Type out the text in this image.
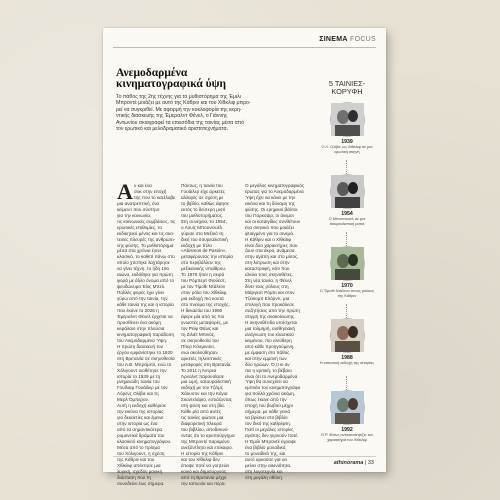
ΣΙΝΕΜΑ FOCUS
Ανεμοδαρμένα
κινηματογραφικά ύψη
Το πάθος της 2ης τέχνης για το μυθιστόρημα της Έμιλι
Μπροντέ μοιάζει με αυτό της Κάθριν και του Χίθκλιφ μπρο-
ρεί να συγκριθεί. Με αφορμή την κυκλοφορία της εκρη-
ντικής διασκευής της Έμεραλντ Φένελ, ο Γιάννης
Αντωνίου σκιαγραφεί τα επεισόδια της ταινίας μέσα από
τον ερωτικό και μελοδραματικό αριστοτεχνήματα.
Α ν και ένα
σοκ στην εποχή
της που το κατέλαβε
μια ανατρεπτική, ένα
κείμενο που σύστηνε
για την κοινωνία,
τις κοινωνικές συμβάσεις, τις
ερωτικές επιθυμίες, το
εκδικητικό μένος και τις σκο-
τεινές πλευρές της ανθρώπι-
νης φύσης. Το μυθιστόρημα
μέσα στα χρόνια έγινε
κλασικό, το καθετί πάνω στο
οποίο χτίστηκε λαχτάρησε
να γίνει τέχνη, το ήδη 19ο
αιώνα, εκδόθηκε για πρώτη
φορά με άλλο όνομα από το
ψευδώνυμο Έλις Μπελ.
Πολλές φορές έχει γίνει
γύρω από την ταινία, την
κάθε ταινία της και η ιστορία
που έκανε το 2026 η
Έμεραλντ Φένελ έρχεται να
προσθέσει ένα ακόμη
κεφάλαιο στην πλούσια
κινηματογραφική παράδοση
του Ανεμοδαρμένα Ύψη.
Η πρώτη διασκευή του
έργου εμφανίστηκε το 1920
στη Βρετανία σε σκηνοθεσία
του Α.Β. Μπράμπλ, ενώ το
Χόλιγουντ υιοθέτησε την
ιστορία το 1939 με τη
μνημειώδη ταινία του
Γουίλιαμ Γουάιλερ με τον
Λόρενς Ολίβιε και τη
Μερλ Όμπερον.
Αυτή η εκδοχή καθόρισε
την εικόνα της ιστορίας
για δεκαετίες και έμεινε
στην ιστορία ως ένα
από τα σημαντικότερα
ρομαντικά δράματα του
κλασικού κινηματογράφου.
Μέσα από το πρίσμα
του Χόλιγουντ, η σχέση
της Κάθριν και του
Χίθκλιφ απέκτησε μια
λυρική, σχεδόν μαγική
διάσταση που τη
συνοδεύει έως σήμερα.
Πάντως, η ταινία του
Γουάιλερ είχε αρκετές
αλλαγές σε σχέση με
το βιβλίο, καθώς άφησε
εκτός το δεύτερο μισό
του μυθιστορήματος.
Στη συνέχεια, το 1954,
ο Λουίς Μπουνιουέλ
γύρισε στο Μεξικό τη
δική του σουρεαλιστική
εκδοχή με τίτλο
«Abismos de Pasión»,
μεταφέροντας την ιστορία
στο περιβάλλον της
μεξικανικής υπαίθρου.
Το 1970 ήταν η σειρά
του Ρόμπερτ Φιούεστ,
με τον Τίμοθι Ντάλτον
στον ρόλο του Χίθκλιφ,
μια εκδοχή πιο κοντά
στο πνεύμα της εποχής.
Η δεκαετία του 1990
έφερε μία από τις πιο
γνωστές μεταφορές, με
τον Ρέιφ Φάινς και
τη Ζιλιέτ Μπινός,
σε σκηνοθεσία του
Πίτερ Κόσμινσκι,
ενώ ακολούθησαν
αρκετές τηλεοπτικές
μεταφορές στη Βρετανία.
Το 2011 η Άντρεα
Άρνολντ παρουσίασε
μια ωμή, νατουραλιστική
εκδοχή με τον Τζέιμς
Χάουσον και την Κάγια
Σκοντελάριο, εστιάζοντας
στη φύση και στη βία.
Κάθε μία από αυτές
τις ταινίες φώτισε μια
διαφορετική πλευρά
του βιβλίου, αποδεικνύ-
οντας ότι το αριστούργημα
της Μπροντέ παραμένει
ανεξάντλητο και επίκαιρο.
Η ιστορία της Κάθριν
και του Χίθκλιφ δεν
έπαψε ποτέ να γοητεύει
κοινό και δημιουργούς,
από τη Βρετανία μέχρι
την Ιαπωνία και πέρα.
Ο μεγάλος κινηματογραφικός
έρωτας για το Ανεμοδαρμένα
Ύψη έχει να κάνει με την
εικόνα και τη δύναμη της
φύσης. Οι ερημικοί βάλτοι
του Γιορκσάιρ, οι άνεμοι
και οι καταιγίδες συνθέτουν
ένα σκηνικό που μοιάζει
φτιαγμένο για το σινεμά.
Η Κάθριν και ο Χίθκλιφ
είναι δύο χαρακτήρες που
ζουν στα άκρα, ανάμεσα
στην αγάπη και στο μίσος,
στη λύτρωση και στην
καταστροφή, κάτι που
ελκύει τους σκηνοθέτες.
Στη νέα ταινία, η Φένελ
δίνει τους ρόλους στη
Μάργκοτ Ρόμπι και στον
Τζέικομπ Ελόρντι, μια
επιλογή που προκάλεσε
συζητήσεις από την πρώτη
στιγμή της ανακοίνωσης.
Η σκηνοθέτιδα υπόσχεται
μια τολμηρή, αισθησιακή
ανάγνωση του κλασικού
κειμένου, πιο ελεύθερη
από κάθε προηγούμενη,
με έμφαση στο πάθος
και στην εμμονή των
δύο ηρώων. Ό,τι κι αν
πει η κριτική, το βέβαιο
είναι ότι το Ανεμοδαρμένα
Ύψη θα συνεχίσει να
εμπνέει τον κινηματογράφο
για πολλά χρόνια ακόμη,
όπως έκανε από την
εποχή του βωβού μέχρι
σήμερα, με κάθε γενιά
να βρίσκει στο βιβλίο
τον δικό της καθρέφτη.
Γιατί οι μεγάλες ιστορίες
αγάπης δεν γερνούν ποτέ.
Η Έμιλι Μπροντέ έγραψε
ένα βιβλίο μοναδικό,
το μοναδικό της, και
αυτό αρκούσε για να
μείνει στην αιωνιότητα,
στη λογοτεχνία και
στη μεγάλη οθόνη.
5 ΤΑΙΝΙΕΣ-
ΚΟΡΥΦΗ
1939
Ο Λ. Ολίβιε ως Χίθκλιφ σε μια ερωτική σκηνή
1954
Ο Μπουνιουέλ σε μια σουρεαλιστική ματιά
1970
Ο Τίμοθι Ντάλτον στους ρόλους της Κάθριν
1988
Η ιαπωνική εκδοχή της ιστορίας
1992
Ο Ρ. Φάινς αντικατοπτρίζει τον χαρακτήρα του Χίθκλιφ
athinorama | 33
